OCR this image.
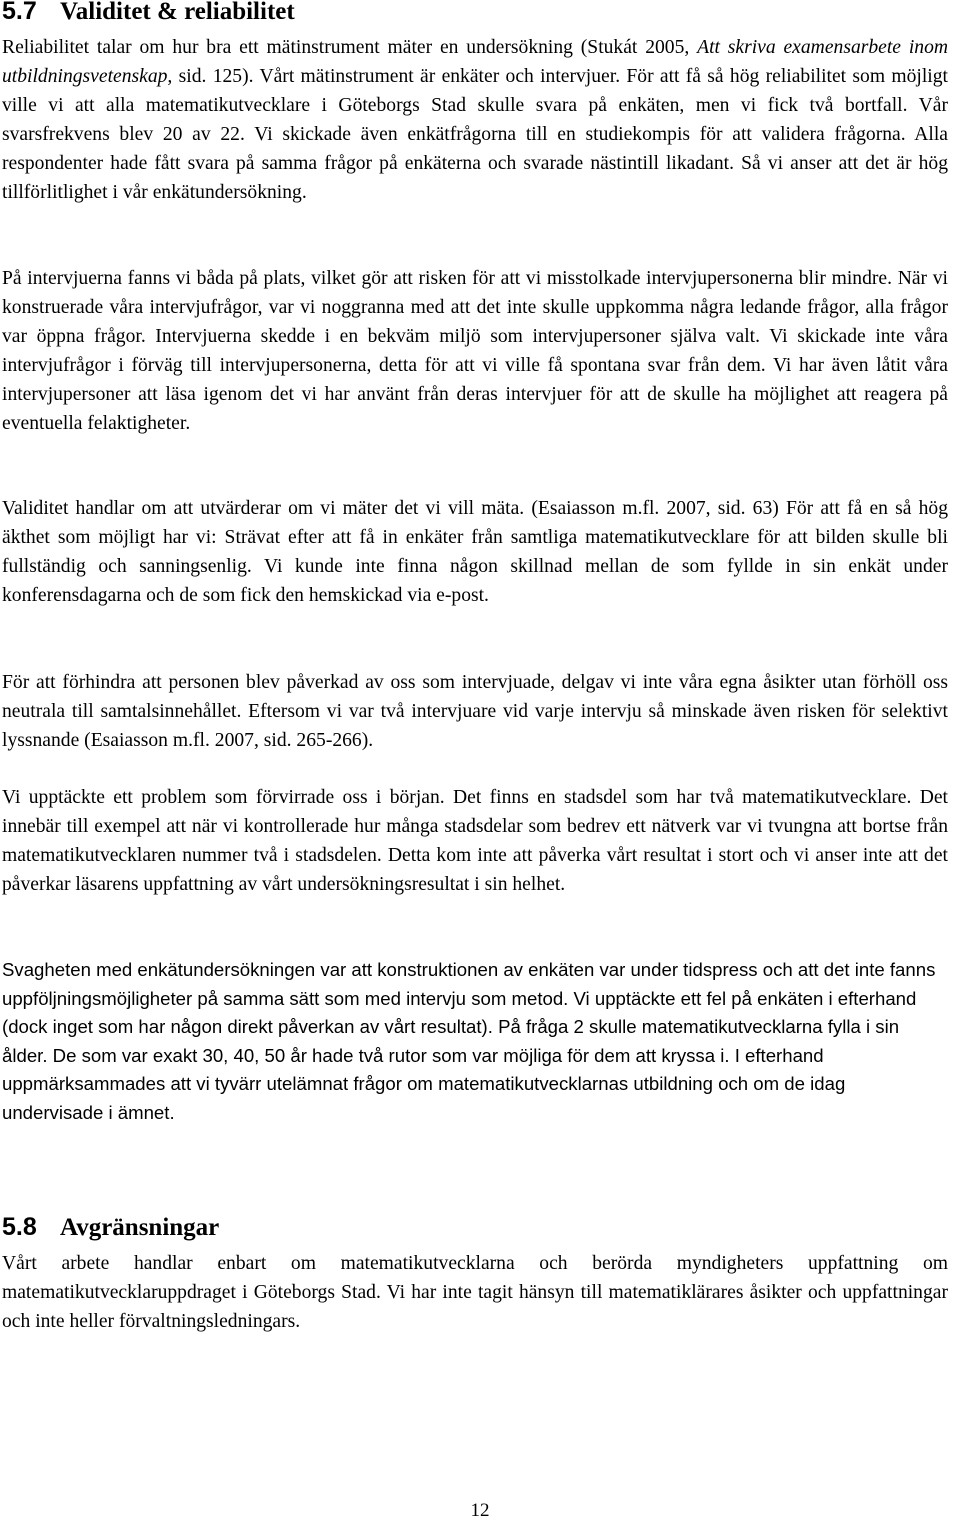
5.7 Validitet & reliabilitet

Reliabilitet talar om hur bra ett mätinstrument mäter en undersökning (Stukát 2005, Att skriva examensarbete inom utbildningsvetenskap, sid. 125). Vårt mätinstrument är enkäter och intervjuer. För att få så hög reliabilitet som möjligt ville vi att alla matematikutvecklare i Göteborgs Stad skulle svara på enkäten, men vi fick två bortfall. Vår svarsfrekvens blev 20 av 22. Vi skickade även enkätfrågorna till en studiekompis för att validera frågorna. Alla respondenter hade fått svara på samma frågor på enkäterna och svarade nästintill likadant. Så vi anser att det är hög tillförlitlighet i vår enkätundersökning.

På intervjuerna fanns vi båda på plats, vilket gör att risken för att vi misstolkade intervjupersonerna blir mindre. När vi konstruerade våra intervjufrågor, var vi noggranna med att det inte skulle uppkomma några ledande frågor, alla frågor var öppna frågor. Intervjuerna skedde i en bekväm miljö som intervjupersoner själva valt. Vi skickade inte våra intervjufrågor i förväg till intervjupersonerna, detta för att vi ville få spontana svar från dem. Vi har även låtit våra intervjupersoner att läsa igenom det vi har använt från deras intervjuer för att de skulle ha möjlighet att reagera på eventuella felaktigheter.

Validitet handlar om att utvärderar om vi mäter det vi vill mäta. (Esaiasson m.fl. 2007, sid. 63) För att få en så hög äkthet som möjligt har vi: Strävat efter att få in enkäter från samtliga matematikutvecklare för att bilden skulle bli fullständig och sanningsenlig. Vi kunde inte finna någon skillnad mellan de som fyllde in sin enkät under konferensdagarna och de som fick den hemskickad via e-post.

För att förhindra att personen blev påverkad av oss som intervjuade, delgav vi inte våra egna åsikter utan förhöll oss neutrala till samtalsinnehållet. Eftersom vi var två intervjuare vid varje intervju så minskade även risken för selektivt lyssnande (Esaiasson m.fl. 2007, sid. 265-266).

Vi upptäckte ett problem som förvirrade oss i början. Det finns en stadsdel som har två matematikutvecklare. Det innebär till exempel att när vi kontrollerade hur många stadsdelar som bedrev ett nätverk var vi tvungna att bortse från matematikutvecklaren nummer två i stadsdelen. Detta kom inte att påverka vårt resultat i stort och vi anser inte att det påverkar läsarens uppfattning av vårt undersökningsresultat i sin helhet.

Svagheten med enkätundersökningen var att konstruktionen av enkäten var under tidspress och att det inte fanns uppföljningsmöjligheter på samma sätt som med intervju som metod. Vi upptäckte ett fel på enkäten i efterhand (dock inget som har någon direkt påverkan av vårt resultat). På fråga 2 skulle matematikutvecklarna fylla i sin ålder. De som var exakt 30, 40, 50 år hade två rutor som var möjliga för dem att kryssa i. I efterhand uppmärksammades att vi tyvärr utelämnat frågor om matematikutvecklarnas utbildning och om de idag undervisade i ämnet.

5.8 Avgränsningar

Vårt arbete handlar enbart om matematikutvecklarna och berörda myndigheters uppfattning om matematikutvecklaruppdraget i Göteborgs Stad. Vi har inte tagit hänsyn till matematiklärares åsikter och uppfattningar och inte heller förvaltningsledningars.

12
